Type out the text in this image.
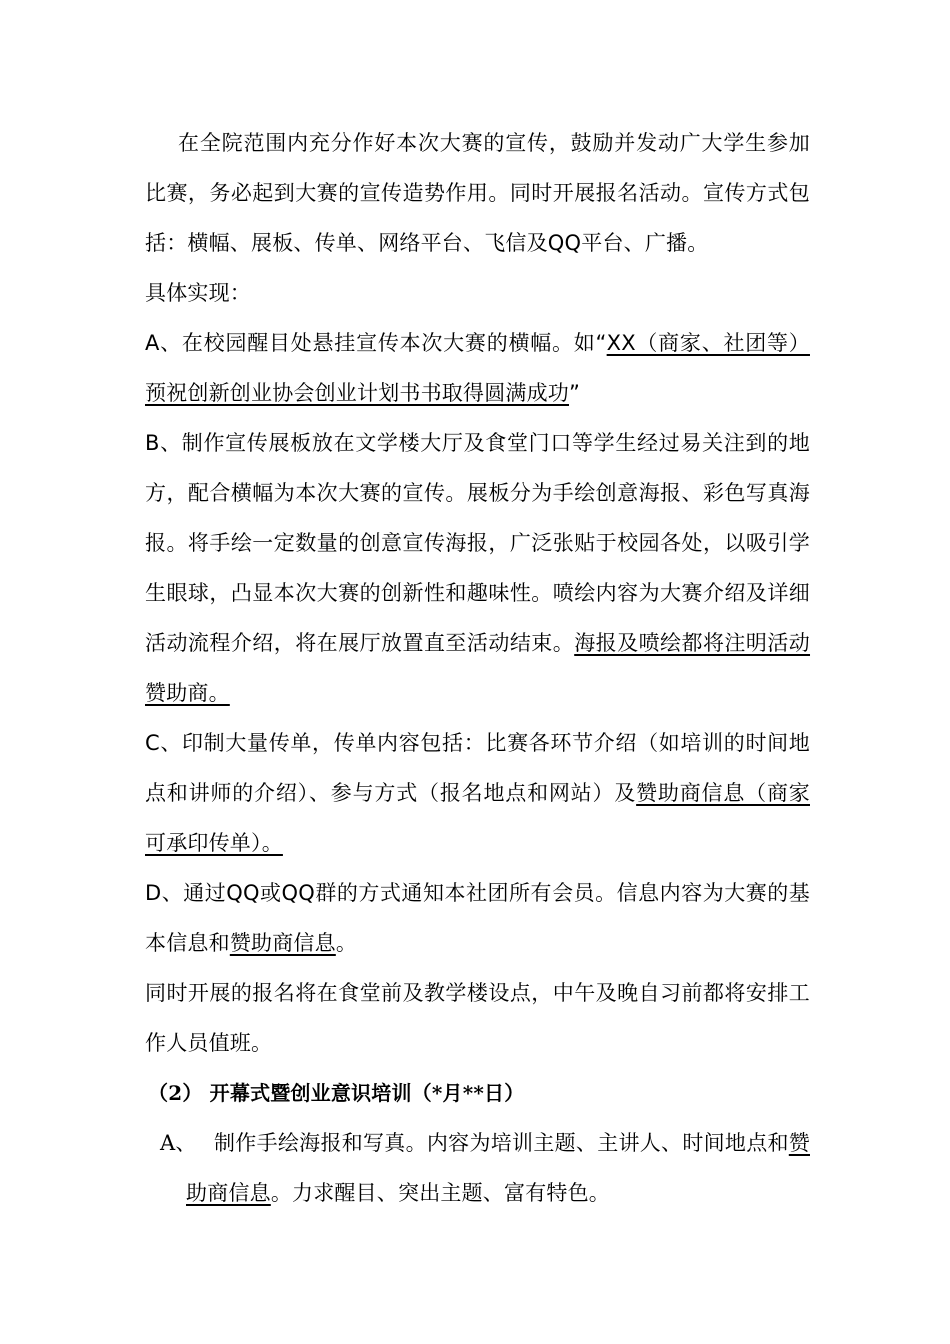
在全院范围内充分作好本次大赛的宣传，鼓励并发动广大学生参加比赛，务必起到大赛的宣传造势作用。同时开展报名活动。宣传方式包括：横幅、展板、传单、网络平台、飞信及QQ平台、广播。

具体实现：

A、在校园醒目处悬挂宣传本次大赛的横幅。如“XX（商家、社团等）预祝创新创业协会创业计划书书取得圆满成功”

B、制作宣传展板放在文学楼大厅及食堂门口等学生经过易关注到的地方，配合横幅为本次大赛的宣传。展板分为手绘创意海报、彩色写真海报。将手绘一定数量的创意宣传海报，广泛张贴于校园各处，以吸引学生眼球，凸显本次大赛的创新性和趣味性。喷绘内容为大赛介绍及详细活动流程介绍，将在展厅放置直至活动结束。海报及喷绘都将注明活动赞助商。

C、印制大量传单，传单内容包括：比赛各环节介绍（如培训的时间地点和讲师的介绍）、参与方式（报名地点和网站）及赞助商信息（商家可承印传单）。

D、通过QQ或QQ群的方式通知本社团所有会员。信息内容为大赛的基本信息和赞助商信息。

同时开展的报名将在食堂前及教学楼设点，中午及晚自习前都将安排工作人员值班。

（2） 开幕式暨创业意识培训（*月**日）

A、 制作手绘海报和写真。内容为培训主题、主讲人、时间地点和赞助商信息。力求醒目、突出主题、富有特色。
